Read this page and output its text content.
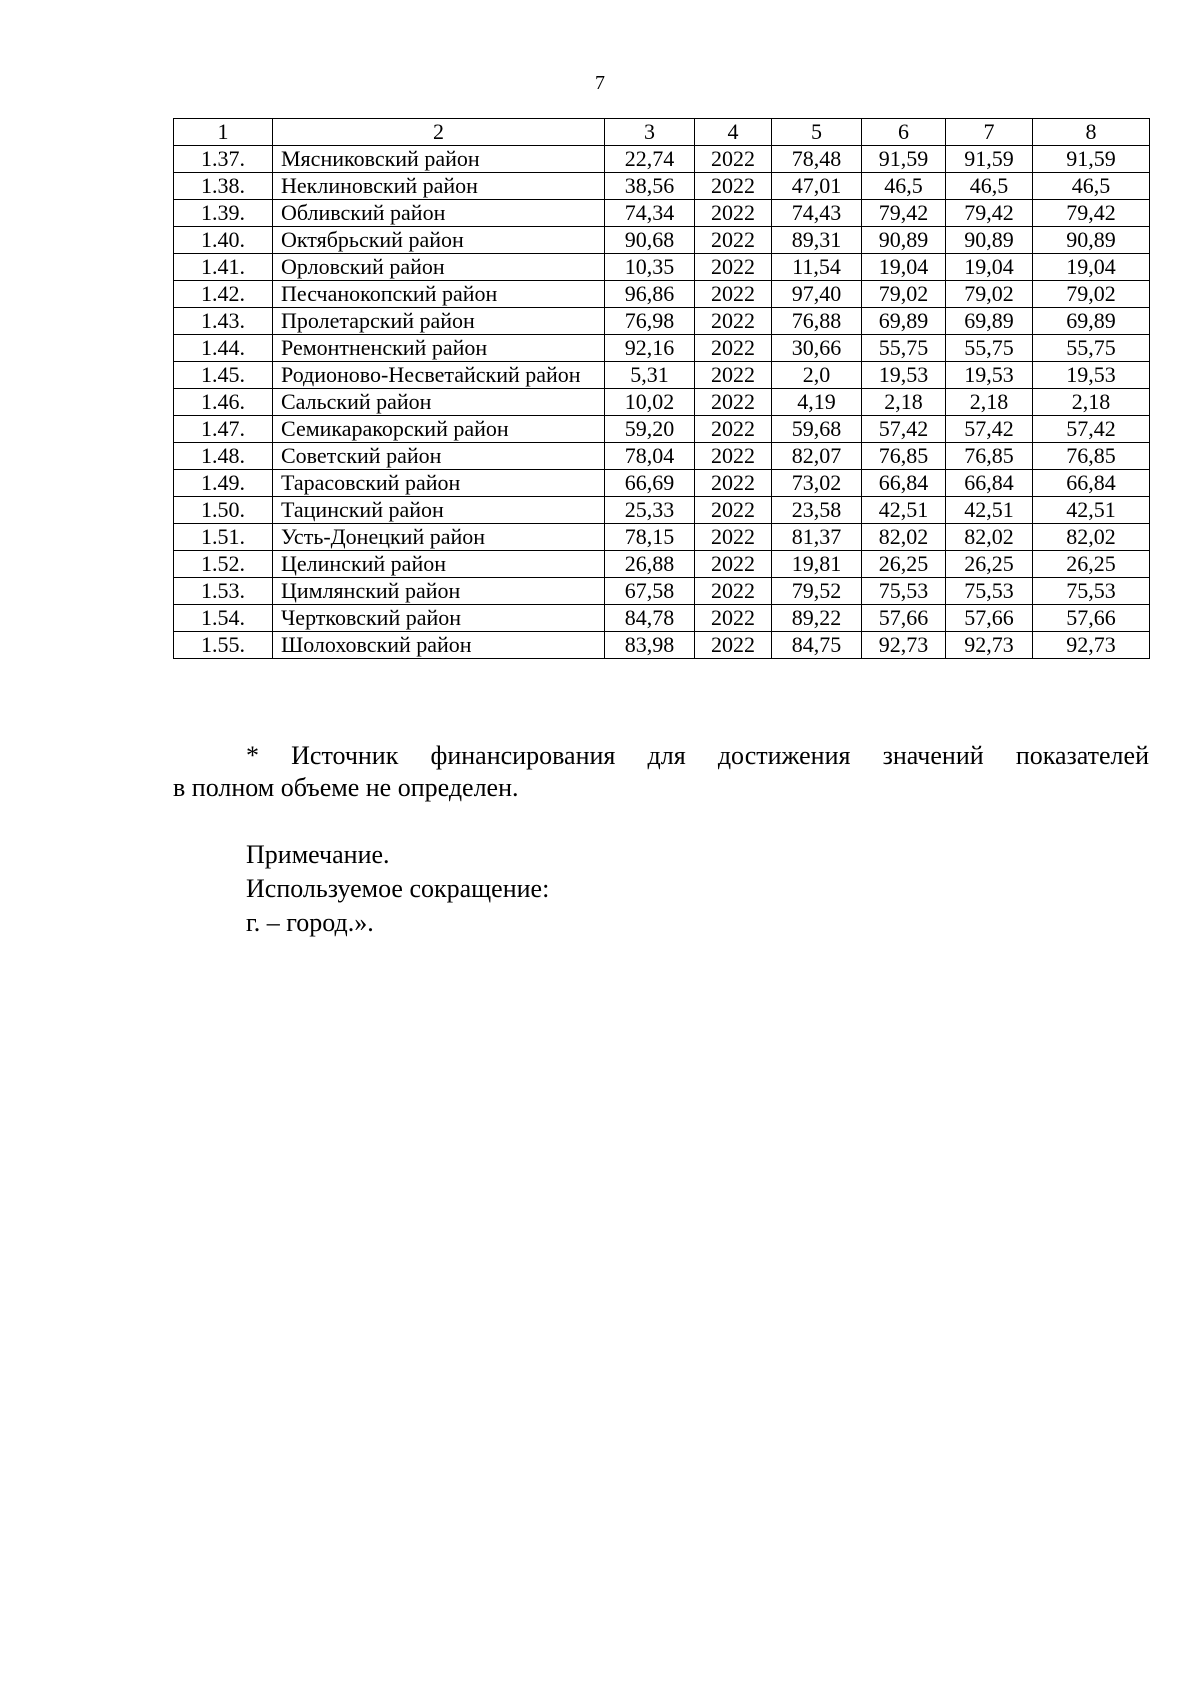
7
1	2	3	4	5	6	7	8
1.37.	Мясниковский район	22,74	2022	78,48	91,59	91,59	91,59
1.38.	Неклиновский район	38,56	2022	47,01	46,5	46,5	46,5
1.39.	Обливский район	74,34	2022	74,43	79,42	79,42	79,42
1.40.	Октябрьский район	90,68	2022	89,31	90,89	90,89	90,89
1.41.	Орловский район	10,35	2022	11,54	19,04	19,04	19,04
1.42.	Песчанокопский район	96,86	2022	97,40	79,02	79,02	79,02
1.43.	Пролетарский район	76,98	2022	76,88	69,89	69,89	69,89
1.44.	Ремонтненский район	92,16	2022	30,66	55,75	55,75	55,75
1.45.	Родионово-Несветайский район	5,31	2022	2,0	19,53	19,53	19,53
1.46.	Сальский район	10,02	2022	4,19	2,18	2,18	2,18
1.47.	Семикаракорский район	59,20	2022	59,68	57,42	57,42	57,42
1.48.	Советский район	78,04	2022	82,07	76,85	76,85	76,85
1.49.	Тарасовский район	66,69	2022	73,02	66,84	66,84	66,84
1.50.	Тацинский район	25,33	2022	23,58	42,51	42,51	42,51
1.51.	Усть-Донецкий район	78,15	2022	81,37	82,02	82,02	82,02
1.52.	Целинский район	26,88	2022	19,81	26,25	26,25	26,25
1.53.	Цимлянский район	67,58	2022	79,52	75,53	75,53	75,53
1.54.	Чертковский район	84,78	2022	89,22	57,66	57,66	57,66
1.55.	Шолоховский район	83,98	2022	84,75	92,73	92,73	92,73
* Источник финансирования для достижения значений показателей
в полном объеме не определен.
Примечание.
Используемое сокращение:
г. – город.».
